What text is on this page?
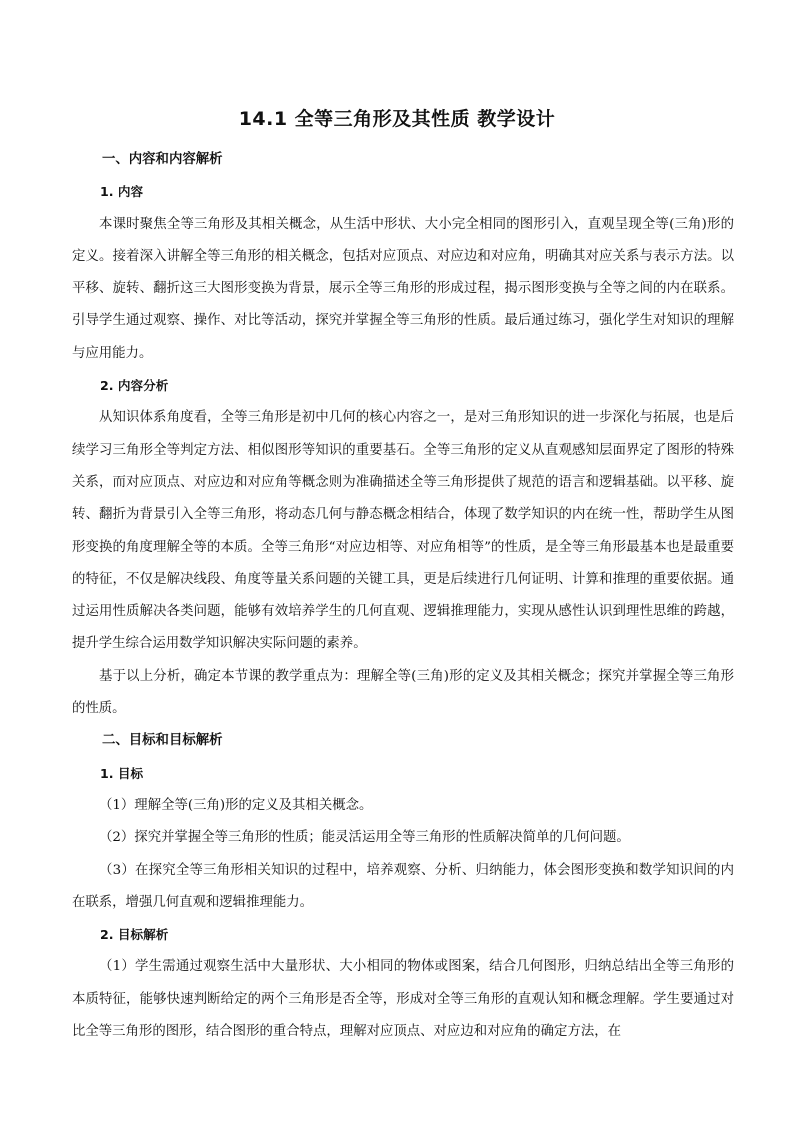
14.1 全等三角形及其性质 教学设计

一、内容和内容解析

1. 内容

本课时聚焦全等三角形及其相关概念，从生活中形状、大小完全相同的图形引入，直观呈现全等(三角)形的定义。接着深入讲解全等三角形的相关概念，包括对应顶点、对应边和对应角，明确其对应关系与表示方法。以平移、旋转、翻折这三大图形变换为背景，展示全等三角形的形成过程，揭示图形变换与全等之间的内在联系。引导学生通过观察、操作、对比等活动，探究并掌握全等三角形的性质。最后通过练习，强化学生对知识的理解与应用能力。

2. 内容分析

从知识体系角度看，全等三角形是初中几何的核心内容之一，是对三角形知识的进一步深化与拓展，也是后续学习三角形全等判定方法、相似图形等知识的重要基石。全等三角形的定义从直观感知层面界定了图形的特殊关系，而对应顶点、对应边和对应角等概念则为准确描述全等三角形提供了规范的语言和逻辑基础。以平移、旋转、翻折为背景引入全等三角形，将动态几何与静态概念相结合，体现了数学知识的内在统一性，帮助学生从图形变换的角度理解全等的本质。全等三角形“对应边相等、对应角相等”的性质，是全等三角形最基本也是最重要的特征，不仅是解决线段、角度等量关系问题的关键工具，更是后续进行几何证明、计算和推理的重要依据。通过运用性质解决各类问题，能够有效培养学生的几何直观、逻辑推理能力，实现从感性认识到理性思维的跨越，提升学生综合运用数学知识解决实际问题的素养。

基于以上分析，确定本节课的教学重点为：理解全等(三角)形的定义及其相关概念；探究并掌握全等三角形的性质。

二、目标和目标解析

1. 目标

（1）理解全等(三角)形的定义及其相关概念。

（2）探究并掌握全等三角形的性质；能灵活运用全等三角形的性质解决简单的几何问题。

（3）在探究全等三角形相关知识的过程中，培养观察、分析、归纳能力，体会图形变换和数学知识间的内在联系，增强几何直观和逻辑推理能力。

2. 目标解析

（1）学生需通过观察生活中大量形状、大小相同的物体或图案，结合几何图形，归纳总结出全等三角形的本质特征，能够快速判断给定的两个三角形是否全等，形成对全等三角形的直观认知和概念理解。学生要通过对比全等三角形的图形，结合图形的重合特点，理解对应顶点、对应边和对应角的确定方法，在
